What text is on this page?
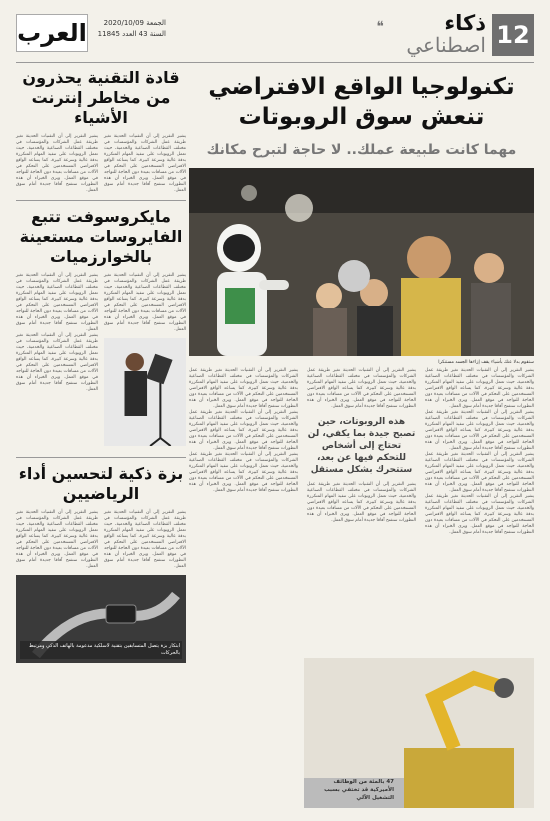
12
ذكاء
اصطناعي
❝
العرب	الجمعة 2020/10/09
السنة 43 العدد 11845
تكنولوجيا الواقع الافتراضي تنعش سوق الروبوتات
مهما كانت طبيعة عملك.. لا حاجة لتبرح مكانك
ستقوم بدلا عنك بأشياء يقف إزاءها الجسد مستنكرا
يشير التقرير إلى أن التقنيات الحديثة تغير طريقة عمل الشركات والمؤسسات في مختلف القطاعات الصناعية والخدمية، حيث تعمل الروبوتات على تنفيذ المهام المتكررة بدقة عالية وسرعة كبيرة، كما يساعد الواقع الافتراضي المستخدمين على التحكم في الآلات من مسافات بعيدة دون الحاجة للتواجد في موقع العمل. ويرى الخبراء أن هذه التطورات ستفتح آفاقا جديدة أمام سوق العمل.
يشير التقرير إلى أن التقنيات الحديثة تغير طريقة عمل الشركات والمؤسسات في مختلف القطاعات الصناعية والخدمية، حيث تعمل الروبوتات على تنفيذ المهام المتكررة بدقة عالية وسرعة كبيرة، كما يساعد الواقع الافتراضي المستخدمين على التحكم في الآلات من مسافات بعيدة دون الحاجة للتواجد في موقع العمل. ويرى الخبراء أن هذه التطورات ستفتح آفاقا جديدة أمام سوق العمل.
يشير التقرير إلى أن التقنيات الحديثة تغير طريقة عمل الشركات والمؤسسات في مختلف القطاعات الصناعية والخدمية، حيث تعمل الروبوتات على تنفيذ المهام المتكررة بدقة عالية وسرعة كبيرة، كما يساعد الواقع الافتراضي المستخدمين على التحكم في الآلات من مسافات بعيدة دون الحاجة للتواجد في موقع العمل. ويرى الخبراء أن هذه التطورات ستفتح آفاقا جديدة أمام سوق العمل.
يشير التقرير إلى أن التقنيات الحديثة تغير طريقة عمل الشركات والمؤسسات في مختلف القطاعات الصناعية والخدمية، حيث تعمل الروبوتات على تنفيذ المهام المتكررة بدقة عالية وسرعة كبيرة، كما يساعد الواقع الافتراضي المستخدمين على التحكم في الآلات من مسافات بعيدة دون الحاجة للتواجد في موقع العمل. ويرى الخبراء أن هذه التطورات ستفتح آفاقا جديدة أمام سوق العمل.
يشير التقرير إلى أن التقنيات الحديثة تغير طريقة عمل الشركات والمؤسسات في مختلف القطاعات الصناعية والخدمية، حيث تعمل الروبوتات على تنفيذ المهام المتكررة بدقة عالية وسرعة كبيرة، كما يساعد الواقع الافتراضي المستخدمين على التحكم في الآلات من مسافات بعيدة دون الحاجة للتواجد في موقع العمل. ويرى الخبراء أن هذه التطورات ستفتح آفاقا جديدة أمام سوق العمل.
هذه الروبوتات، حين تصبح جيدة بما يكفي، لن تحتاج إلى أشخاص للتحكم فيها عن بعد، ستتحرك بشكل مستقل
يشير التقرير إلى أن التقنيات الحديثة تغير طريقة عمل الشركات والمؤسسات في مختلف القطاعات الصناعية والخدمية، حيث تعمل الروبوتات على تنفيذ المهام المتكررة بدقة عالية وسرعة كبيرة، كما يساعد الواقع الافتراضي المستخدمين على التحكم في الآلات من مسافات بعيدة دون الحاجة للتواجد في موقع العمل. ويرى الخبراء أن هذه التطورات ستفتح آفاقا جديدة أمام سوق العمل.
يشير التقرير إلى أن التقنيات الحديثة تغير طريقة عمل الشركات والمؤسسات في مختلف القطاعات الصناعية والخدمية، حيث تعمل الروبوتات على تنفيذ المهام المتكررة بدقة عالية وسرعة كبيرة، كما يساعد الواقع الافتراضي المستخدمين على التحكم في الآلات من مسافات بعيدة دون الحاجة للتواجد في موقع العمل. ويرى الخبراء أن هذه التطورات ستفتح آفاقا جديدة أمام سوق العمل.
يشير التقرير إلى أن التقنيات الحديثة تغير طريقة عمل الشركات والمؤسسات في مختلف القطاعات الصناعية والخدمية، حيث تعمل الروبوتات على تنفيذ المهام المتكررة بدقة عالية وسرعة كبيرة، كما يساعد الواقع الافتراضي المستخدمين على التحكم في الآلات من مسافات بعيدة دون الحاجة للتواجد في موقع العمل. ويرى الخبراء أن هذه التطورات ستفتح آفاقا جديدة أمام سوق العمل.
يشير التقرير إلى أن التقنيات الحديثة تغير طريقة عمل الشركات والمؤسسات في مختلف القطاعات الصناعية والخدمية، حيث تعمل الروبوتات على تنفيذ المهام المتكررة بدقة عالية وسرعة كبيرة، كما يساعد الواقع الافتراضي المستخدمين على التحكم في الآلات من مسافات بعيدة دون الحاجة للتواجد في موقع العمل. ويرى الخبراء أن هذه التطورات ستفتح آفاقا جديدة أمام سوق العمل.
47 بالمئة من الوظائف الأميركية قد تختفي بسبب التشغيل الآلي
قادة التقنية يحذرون من مخاطر إنترنت الأشياء
يشير التقرير إلى أن التقنيات الحديثة تغير طريقة عمل الشركات والمؤسسات في مختلف القطاعات الصناعية والخدمية، حيث تعمل الروبوتات على تنفيذ المهام المتكررة بدقة عالية وسرعة كبيرة، كما يساعد الواقع الافتراضي المستخدمين على التحكم في الآلات من مسافات بعيدة دون الحاجة للتواجد في موقع العمل. ويرى الخبراء أن هذه التطورات ستفتح آفاقا جديدة أمام سوق العمل.
يشير التقرير إلى أن التقنيات الحديثة تغير طريقة عمل الشركات والمؤسسات في مختلف القطاعات الصناعية والخدمية، حيث تعمل الروبوتات على تنفيذ المهام المتكررة بدقة عالية وسرعة كبيرة، كما يساعد الواقع الافتراضي المستخدمين على التحكم في الآلات من مسافات بعيدة دون الحاجة للتواجد في موقع العمل. ويرى الخبراء أن هذه التطورات ستفتح آفاقا جديدة أمام سوق العمل.
مايكروسوفت تتبع الفايروسات مستعينة بالخوارزميات
يشير التقرير إلى أن التقنيات الحديثة تغير طريقة عمل الشركات والمؤسسات في مختلف القطاعات الصناعية والخدمية، حيث تعمل الروبوتات على تنفيذ المهام المتكررة بدقة عالية وسرعة كبيرة، كما يساعد الواقع الافتراضي المستخدمين على التحكم في الآلات من مسافات بعيدة دون الحاجة للتواجد في موقع العمل. ويرى الخبراء أن هذه التطورات ستفتح آفاقا جديدة أمام سوق العمل.
يشير التقرير إلى أن التقنيات الحديثة تغير طريقة عمل الشركات والمؤسسات في مختلف القطاعات الصناعية والخدمية، حيث تعمل الروبوتات على تنفيذ المهام المتكررة بدقة عالية وسرعة كبيرة، كما يساعد الواقع الافتراضي المستخدمين على التحكم في الآلات من مسافات بعيدة دون الحاجة للتواجد في موقع العمل. ويرى الخبراء أن هذه التطورات ستفتح آفاقا جديدة أمام سوق العمل.
يشير التقرير إلى أن التقنيات الحديثة تغير طريقة عمل الشركات والمؤسسات في مختلف القطاعات الصناعية والخدمية، حيث تعمل الروبوتات على تنفيذ المهام المتكررة بدقة عالية وسرعة كبيرة، كما يساعد الواقع الافتراضي المستخدمين على التحكم في الآلات من مسافات بعيدة دون الحاجة للتواجد في موقع العمل. ويرى الخبراء أن هذه التطورات ستفتح آفاقا جديدة أمام سوق العمل.
بزة ذكية لتحسين أداء الرياضيين
يشير التقرير إلى أن التقنيات الحديثة تغير طريقة عمل الشركات والمؤسسات في مختلف القطاعات الصناعية والخدمية، حيث تعمل الروبوتات على تنفيذ المهام المتكررة بدقة عالية وسرعة كبيرة، كما يساعد الواقع الافتراضي المستخدمين على التحكم في الآلات من مسافات بعيدة دون الحاجة للتواجد في موقع العمل. ويرى الخبراء أن هذه التطورات ستفتح آفاقا جديدة أمام سوق العمل.
يشير التقرير إلى أن التقنيات الحديثة تغير طريقة عمل الشركات والمؤسسات في مختلف القطاعات الصناعية والخدمية، حيث تعمل الروبوتات على تنفيذ المهام المتكررة بدقة عالية وسرعة كبيرة، كما يساعد الواقع الافتراضي المستخدمين على التحكم في الآلات من مسافات بعيدة دون الحاجة للتواجد في موقع العمل. ويرى الخبراء أن هذه التطورات ستفتح آفاقا جديدة أمام سوق العمل.
ابتكار بزة يتصل المتسابقين بتقنية لاسلكية مدعومة بالهاتف الذكي ومرتبط بالحركات
